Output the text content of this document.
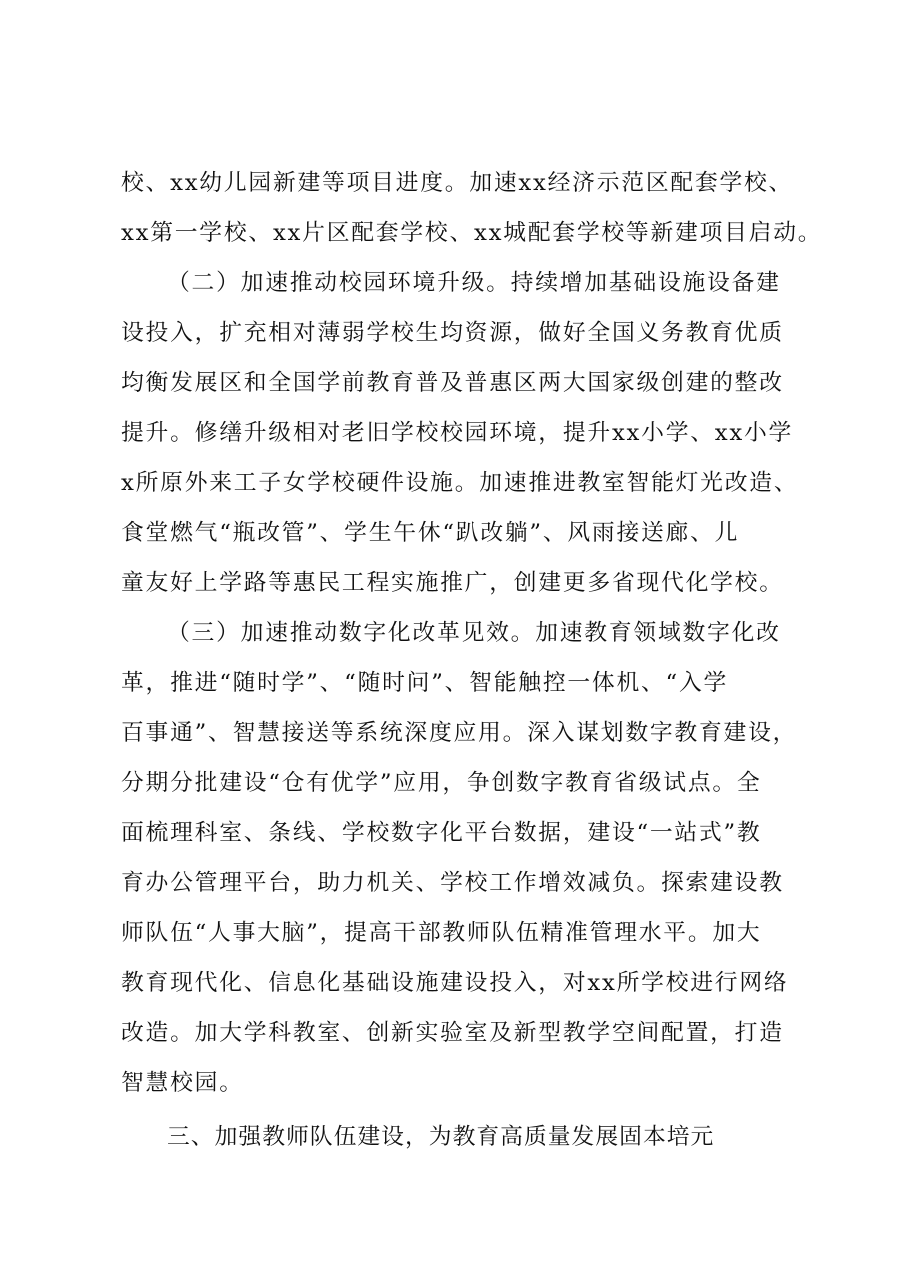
校、xx幼儿园新建等项目进度。加速xx经济示范区配套学校、
xx第一学校、xx片区配套学校、xx城配套学校等新建项目启动。
（二）加速推动校园环境升级。持续增加基础设施设备建
设投入，扩充相对薄弱学校生均资源，做好全国义务教育优质
均衡发展区和全国学前教育普及普惠区两大国家级创建的整改
提升。修缮升级相对老旧学校校园环境，提升xx小学、xx小学
x所原外来工子女学校硬件设施。加速推进教室智能灯光改造、
食堂燃气“瓶改管”、学生午休“趴改躺”、风雨接送廊、儿
童友好上学路等惠民工程实施推广，创建更多省现代化学校。
（三）加速推动数字化改革见效。加速教育领域数字化改
革，推进“随时学”、“随时问”、智能触控一体机、“入学
百事通”、智慧接送等系统深度应用。深入谋划数字教育建设，
分期分批建设“仓有优学”应用，争创数字教育省级试点。全
面梳理科室、条线、学校数字化平台数据，建设“一站式”教
育办公管理平台，助力机关、学校工作增效减负。探索建设教
师队伍“人事大脑”，提高干部教师队伍精准管理水平。加大
教育现代化、信息化基础设施建设投入，对xx所学校进行网络
改造。加大学科教室、创新实验室及新型教学空间配置，打造
智慧校园。
三、加强教师队伍建设，为教育高质量发展固本培元
